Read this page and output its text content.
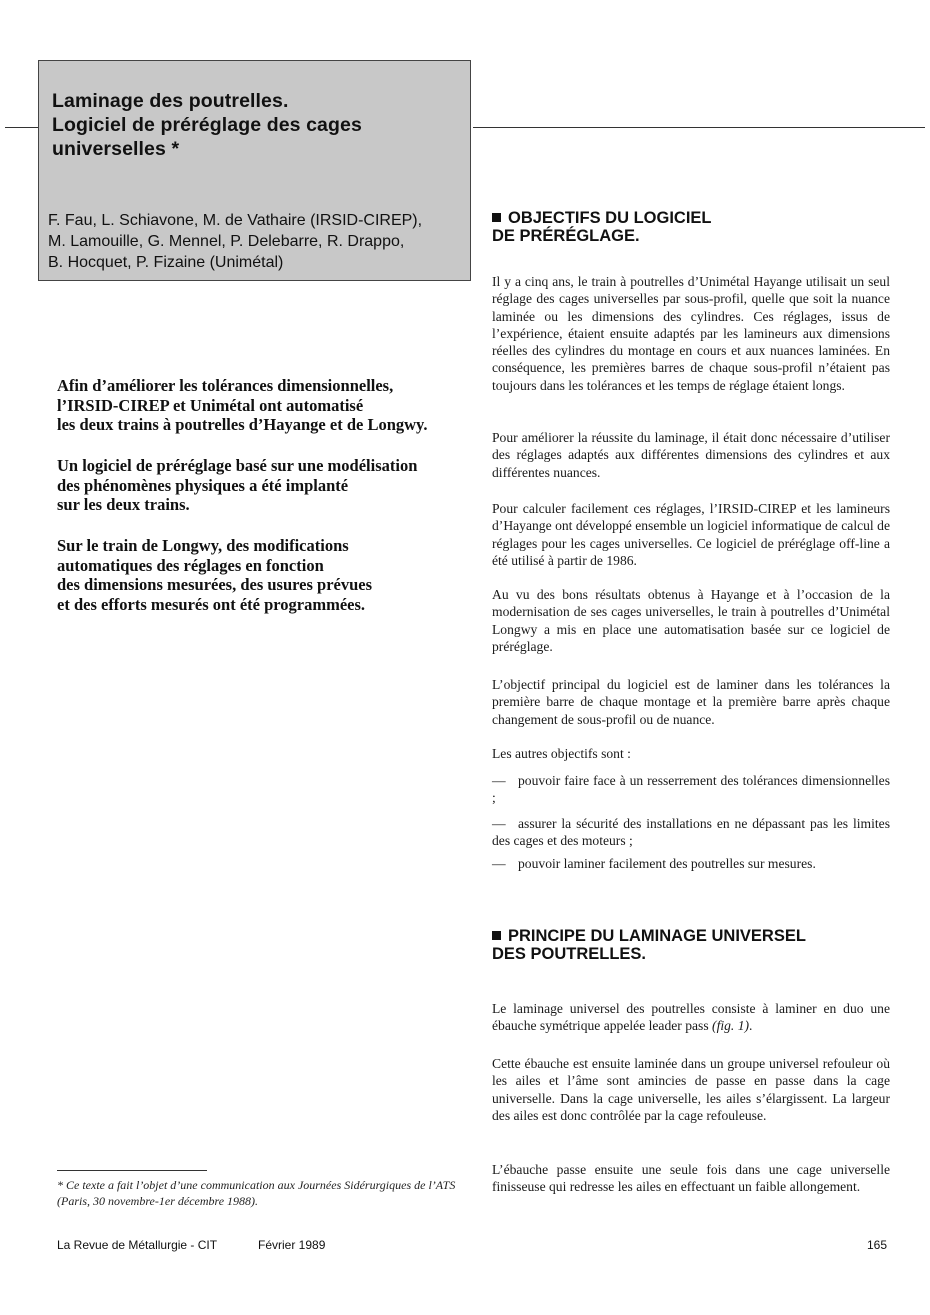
Laminage des poutrelles.
Logiciel de préréglage des cages
universelles *
F. Fau, L. Schiavone, M. de Vathaire (IRSID-CIREP),
M. Lamouille, G. Mennel, P. Delebarre, R. Drappo,
B. Hocquet, P. Fizaine (Unimétal)

Afin d’améliorer les tolérances dimensionnelles,

l’IRSID-CIREP et Unimétal ont automatisé

les deux trains à poutrelles d’Hayange et de Longwy.

Un logiciel de préréglage basé sur une modélisation

des phénomènes physiques a été implanté

sur les deux trains.

Sur le train de Longwy, des modifications

automatiques des réglages en fonction

des dimensions mesurées, des usures prévues

et des efforts mesurés ont été programmées.

* Ce texte a fait l’objet d’une communication aux Journées Sidérurgiques de l’ATS (Paris, 30 novembre-1er décembre 1988).
La Revue de Métallurgie - CIT	Février 1989	165
OBJECTIFS DU LOGICIEL
DE PRÉRÉGLAGE.

Il y a cinq ans, le train à poutrelles d’Unimétal Hayange utilisait un seul réglage des cages universelles par sous-profil, quelle que soit la nuance laminée ou les dimensions des cylindres. Ces réglages, issus de l’expérience, étaient ensuite adaptés par les lamineurs aux dimensions réelles des cylindres du montage en cours et aux nuances laminées. En conséquence, les premières barres de chaque sous-profil n’étaient pas toujours dans les tolérances et les temps de réglage étaient longs.

Pour améliorer la réussite du laminage, il était donc nécessaire d’utiliser des réglages adaptés aux différentes dimensions des cylindres et aux différentes nuances.

Pour calculer facilement ces réglages, l’IRSID-CIREP et les lamineurs d’Hayange ont développé ensemble un logiciel informatique de calcul de réglages pour les cages universelles. Ce logiciel de préréglage off-line a été utilisé à partir de 1986.

Au vu des bons résultats obtenus à Hayange et à l’occasion de la modernisation de ses cages universelles, le train à poutrelles d’Unimétal Longwy a mis en place une automatisation basée sur ce logiciel de préréglage.

L’objectif principal du logiciel est de laminer dans les tolérances la première barre de chaque montage et la première barre après chaque changement de sous-profil ou de nuance.

Les autres objectifs sont :

— pouvoir faire face à un resserrement des tolérances dimensionnelles ;
— assurer la sécurité des installations en ne dépassant pas les limites des cages et des moteurs ;
— pouvoir laminer facilement des poutrelles sur mesures.
PRINCIPE DU LAMINAGE UNIVERSEL
DES POUTRELLES.

Le laminage universel des poutrelles consiste à laminer en duo une ébauche symétrique appelée leader pass (fig. 1).

Cette ébauche est ensuite laminée dans un groupe universel refouleur où les ailes et l’âme sont amincies de passe en passe dans la cage universelle. Dans la cage universelle, les ailes s’élargissent. La largeur des ailes est donc contrôlée par la cage refouleuse.

L’ébauche passe ensuite une seule fois dans une cage universelle finisseuse qui redresse les ailes en effectuant un faible allongement.
